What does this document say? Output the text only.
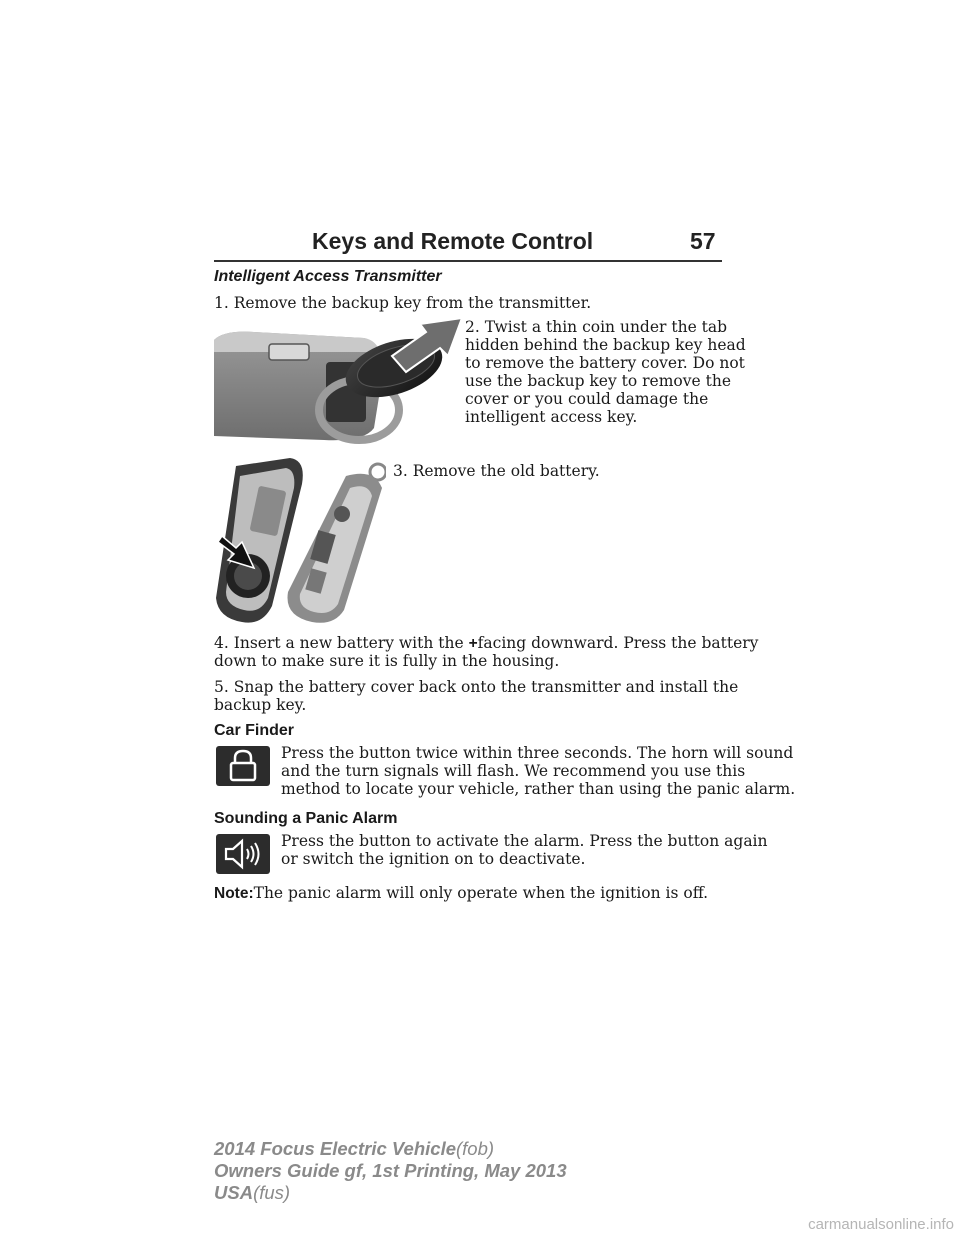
Keys and Remote Control	57
Intelligent Access Transmitter
1. Remove the backup key from the transmitter.
2. Twist a thin coin under the tab
hidden behind the backup key head
to remove the battery cover. Do not
use the backup key to remove the
cover or you could damage the
intelligent access key.
3. Remove the old battery.
4. Insert a new battery with the +facing downward. Press the battery
down to make sure it is fully in the housing.
5. Snap the battery cover back onto the transmitter and install the
backup key.
Car Finder
Press the button twice within three seconds. The horn will sound
and the turn signals will flash. We recommend you use this
method to locate your vehicle, rather than using the panic alarm.
Sounding a Panic Alarm
Press the button to activate the alarm. Press the button again
or switch the ignition on to deactivate.
Note:The panic alarm will only operate when the ignition is off.
2014 Focus Electric Vehicle(fob)
Owners Guide gf, 1st Printing, May 2013
USA(fus)
carmanualsonline.info
